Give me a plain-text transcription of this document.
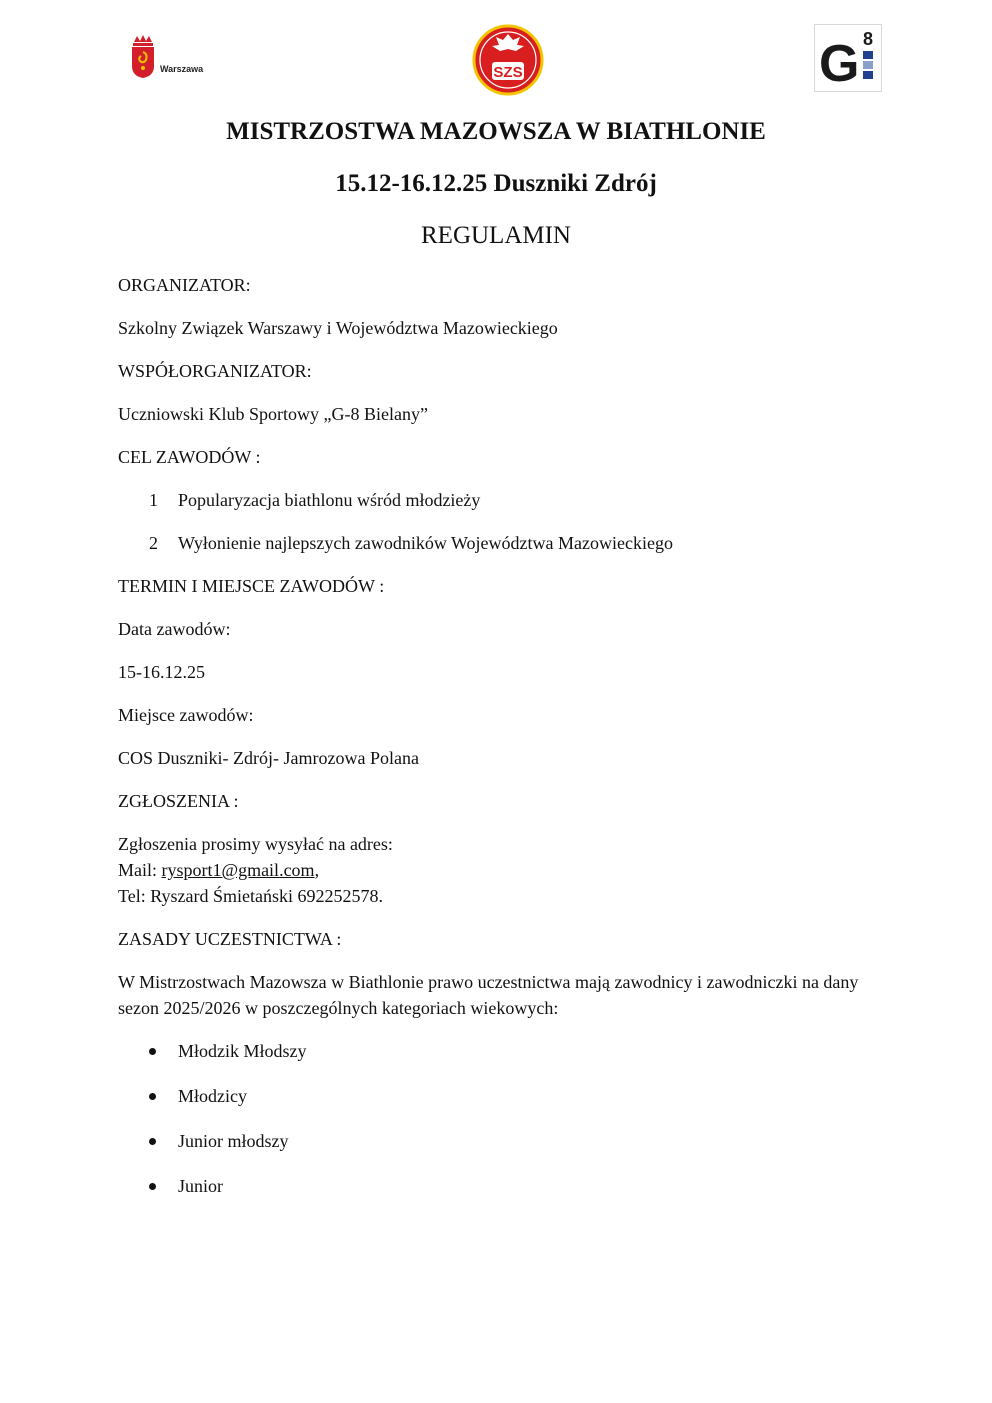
Warszawa	SZS	G 8
MISTRZOSTWA MAZOWSZA W BIATHLONIE
15.12-16.12.25 Duszniki Zdrój
REGULAMIN

ORGANIZATOR:

Szkolny Związek Warszawy i Województwa Mazowieckiego

WSPÓŁORGANIZATOR:

Uczniowski Klub Sportowy „G-8 Bielany”

CEL ZAWODÓW :

1 Popularyzacja biathlonu wśród młodzieży
2 Wyłonienie najlepszych zawodników Województwa Mazowieckiego

TERMIN I MIEJSCE ZAWODÓW :

Data zawodów:

15-16.12.25

Miejsce zawodów:

COS Duszniki- Zdrój- Jamrozowa Polana

ZGŁOSZENIA :

Zgłoszenia prosimy wysyłać na adres:
Mail: rysport1@gmail.com,
Tel: Ryszard Śmietański 692252578.

ZASADY UCZESTNICTWA :

W Mistrzostwach Mazowsza w Biathlonie prawo uczestnictwa mają zawodnicy i zawodniczki na dany sezon 2025/2026 w poszczególnych kategoriach wiekowych:

Młodzik Młodszy
Młodzicy
Junior młodszy
Junior
